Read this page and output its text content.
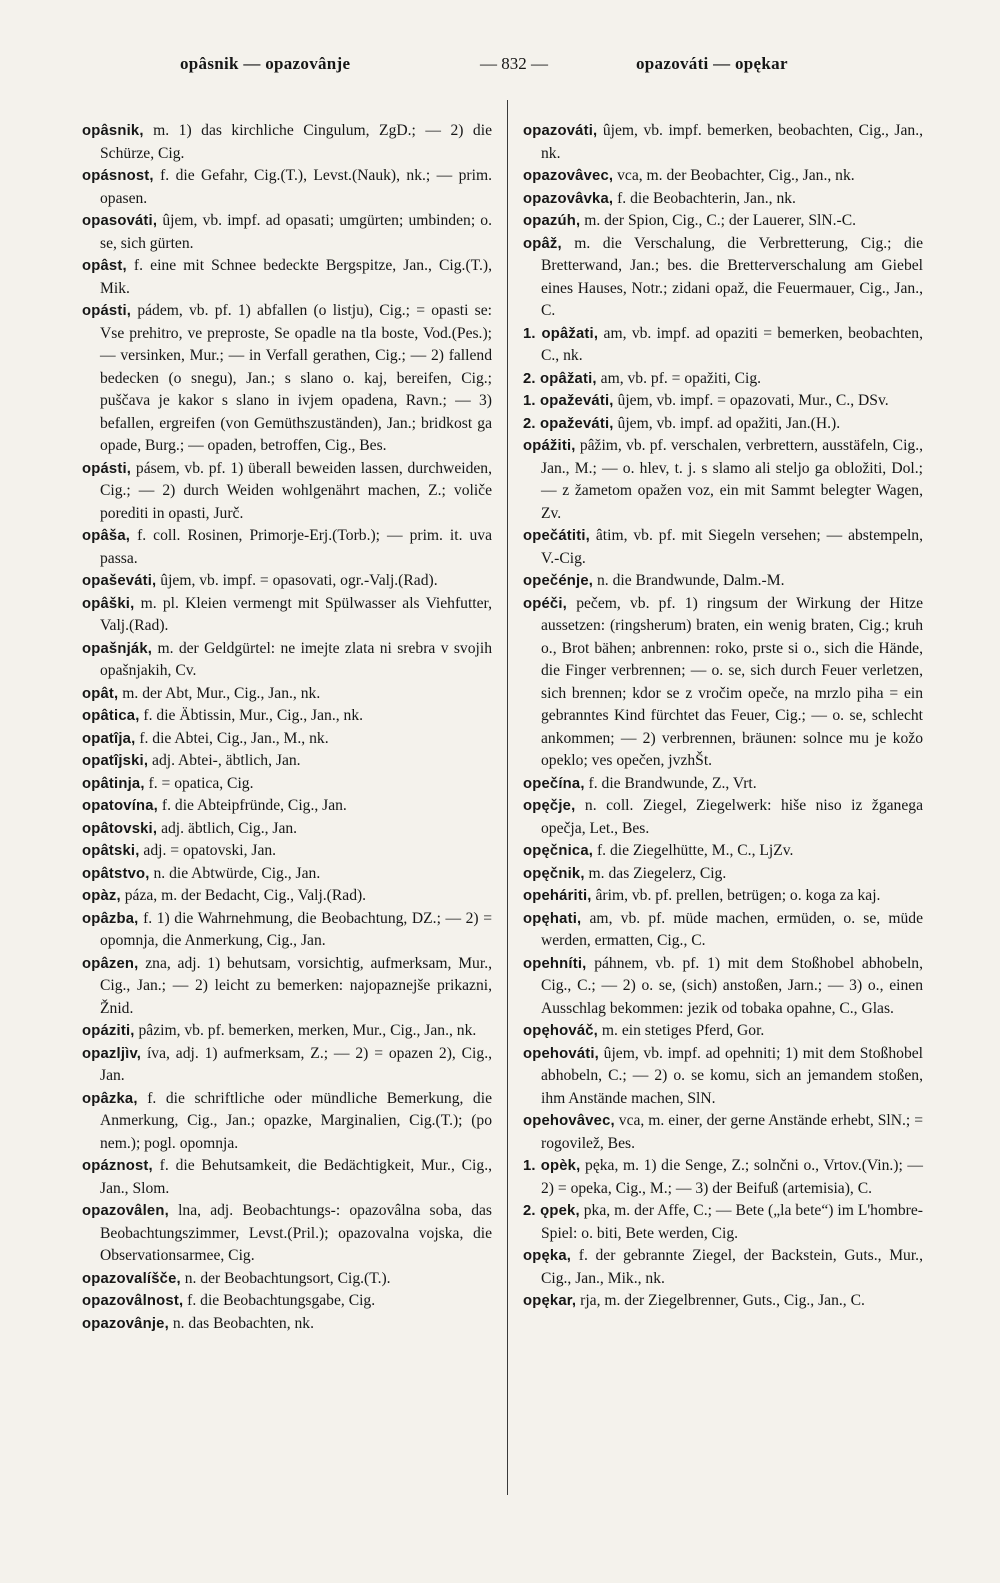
opâsnik — opazovânje	— 832 —	opazováti — opękar

opâsnik, m. 1) das kirchliche Cingulum, ZgD.; — 2) die Schürze, Cig.

opásnost, f. die Gefahr, Cig.(T.), Levst.(Nauk), nk.; — prim. opasen.

opasováti, ûjem, vb. impf. ad opasati; umgürten; umbinden; o. se, sich gürten.

opâst, f. eine mit Schnee bedeckte Bergspitze, Jan., Cig.(T.), Mik.

opásti, pádem, vb. pf. 1) abfallen (o listju), Cig.; = opasti se: Vse prehitro, ve preproste, Se opadle na tla boste, Vod.(Pes.); — versinken, Mur.; — in Verfall gerathen, Cig.; — 2) fallend bedecken (o snegu), Jan.; s slano o. kaj, bereifen, Cig.; puščava je kakor s slano in ivjem opadena, Ravn.; — 3) befallen, ergreifen (von Gemüthszuständen), Jan.; bridkost ga opade, Burg.; — opaden, betroffen, Cig., Bes.

opásti, pásem, vb. pf. 1) überall beweiden lassen, durchweiden, Cig.; — 2) durch Weiden wohlgenährt machen, Z.; voliče porediti in opasti, Jurč.

opâša, f. coll. Rosinen, Primorje-Erj.(Torb.); — prim. it. uva passa.

opaševáti, ûjem, vb. impf. = opasovati, ogr.-Valj.(Rad).

opâški, m. pl. Kleien vermengt mit Spülwasser als Viehfutter, Valj.(Rad).

opašnják, m. der Geldgürtel: ne imejte zlata ni srebra v svojih opašnjakih, Cv.

opât, m. der Abt, Mur., Cig., Jan., nk.

opâtica, f. die Äbtissin, Mur., Cig., Jan., nk.

opatîja, f. die Abtei, Cig., Jan., M., nk.

opatîjski, adj. Abtei-, äbtlich, Jan.

opâtinja, f. = opatica, Cig.

opatovína, f. die Abteipfründe, Cig., Jan.

opâtovski, adj. äbtlich, Cig., Jan.

opâtski, adj. = opatovski, Jan.

opâtstvo, n. die Abtwürde, Cig., Jan.

opàz, páza, m. der Bedacht, Cig., Valj.(Rad).

opâzba, f. 1) die Wahrnehmung, die Beobachtung, DZ.; — 2) = opomnja, die Anmerkung, Cig., Jan.

opâzen, zna, adj. 1) behutsam, vorsichtig, aufmerksam, Mur., Cig., Jan.; — 2) leicht zu bemerken: najopaznejše prikazni, Žnid.

opáziti, pâzim, vb. pf. bemerken, merken, Mur., Cig., Jan., nk.

opazljìv, íva, adj. 1) aufmerksam, Z.; — 2) = opazen 2), Cig., Jan.

opâzka, f. die schriftliche oder mündliche Bemerkung, die Anmerkung, Cig., Jan.; opazke, Marginalien, Cig.(T.); (po nem.); pogl. opomnja.

opáznost, f. die Behutsamkeit, die Bedächtigkeit, Mur., Cig., Jan., Slom.

opazovâlen, lna, adj. Beobachtungs-: opazovâlna soba, das Beobachtungszimmer, Levst.(Pril.); opazovalna vojska, die Observationsarmee, Cig.

opazovalíšče, n. der Beobachtungsort, Cig.(T.).

opazovâlnost, f. die Beobachtungsgabe, Cig.

opazovânje, n. das Beobachten, nk.

opazováti, ûjem, vb. impf. bemerken, beobachten, Cig., Jan., nk.

opazovâvec, vca, m. der Beobachter, Cig., Jan., nk.

opazovâvka, f. die Beobachterin, Jan., nk.

opazúh, m. der Spion, Cig., C.; der Lauerer, SlN.-C.

opâž, m. die Verschalung, die Verbretterung, Cig.; die Bretterwand, Jan.; bes. die Bretterverschalung am Giebel eines Hauses, Notr.; zidani opaž, die Feuermauer, Cig., Jan., C.

1. opâžati, am, vb. impf. ad opaziti = bemerken, beobachten, C., nk.

2. opâžati, am, vb. pf. = opažiti, Cig.

1. opaževáti, ûjem, vb. impf. = opazovati, Mur., C., DSv.

2. opaževáti, ûjem, vb. impf. ad opažiti, Jan.(H.).

opážiti, pâžim, vb. pf. verschalen, verbrettern, ausstäfeln, Cig., Jan., M.; — o. hlev, t. j. s slamo ali steljo ga obložiti, Dol.; — z žametom opažen voz, ein mit Sammt belegter Wagen, Zv.

opečátiti, âtim, vb. pf. mit Siegeln versehen; — abstempeln, V.-Cig.

opečénje, n. die Brandwunde, Dalm.-M.

opéči, pečem, vb. pf. 1) ringsum der Wirkung der Hitze aussetzen: (ringsherum) braten, ein wenig braten, Cig.; kruh o., Brot bähen; anbrennen: roko, prste si o., sich die Hände, die Finger verbrennen; — o. se, sich durch Feuer verletzen, sich brennen; kdor se z vročim opeče, na mrzlo piha = ein gebranntes Kind fürchtet das Feuer, Cig.; — o. se, schlecht ankommen; — 2) verbrennen, bräunen: solnce mu je kožo opeklo; ves opečen, jvzhŠt.

opečína, f. die Brandwunde, Z., Vrt.

opęčje, n. coll. Ziegel, Ziegelwerk: hiše niso iz žganega opečja, Let., Bes.

opęčnica, f. die Ziegelhütte, M., C., LjZv.

opęčnik, m. das Ziegelerz, Cig.

opeháriti, ârim, vb. pf. prellen, betrügen; o. koga za kaj.

opęhati, am, vb. pf. müde machen, ermüden, o. se, müde werden, ermatten, Cig., C.

opehníti, páhnem, vb. pf. 1) mit dem Stoßhobel abhobeln, Cig., C.; — 2) o. se, (sich) anstoßen, Jarn.; — 3) o., einen Ausschlag bekommen: jezik od tobaka opahne, C., Glas.

opęhováč, m. ein stetiges Pferd, Gor.

opehováti, ûjem, vb. impf. ad opehniti; 1) mit dem Stoßhobel abhobeln, C.; — 2) o. se komu, sich an jemandem stoßen, ihm Anstände machen, SlN.

opehovâvec, vca, m. einer, der gerne Anstände erhebt, SlN.; = rogovilež, Bes.

1. opèk, pęka, m. 1) die Senge, Z.; solnčni o., Vrtov.(Vin.); — 2) = opeka, Cig., M.; — 3) der Beifuß (artemisia), C.

2. ǫpek, pka, m. der Affe, C.; — Bete („la bete“) im L'hombre-Spiel: o. biti, Bete werden, Cig.

opęka, f. der gebrannte Ziegel, der Backstein, Guts., Mur., Cig., Jan., Mik., nk.

opękar, rja, m. der Ziegelbrenner, Guts., Cig., Jan., C.
